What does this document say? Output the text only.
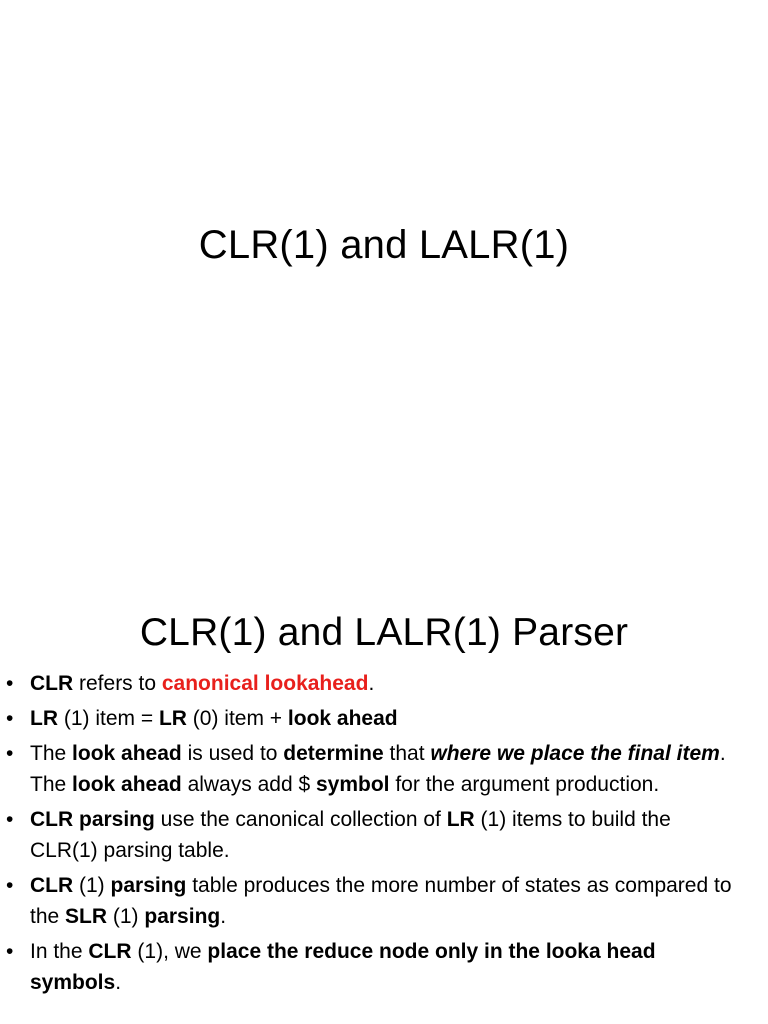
CLR(1) and LALR(1)
CLR(1) and LALR(1) Parser
• CLR refers to canonical lookahead.
• LR (1) item = LR (0) item + look ahead
• The look ahead is used to determine that where we place the final item. The look ahead always add $ symbol for the argument production.
• CLR parsing use the canonical collection of LR (1) items to build the CLR(1) parsing table.
• CLR (1) parsing table produces the more number of states as compared to the SLR (1) parsing.
• In the CLR (1), we place the reduce node only in the looka head symbols.
